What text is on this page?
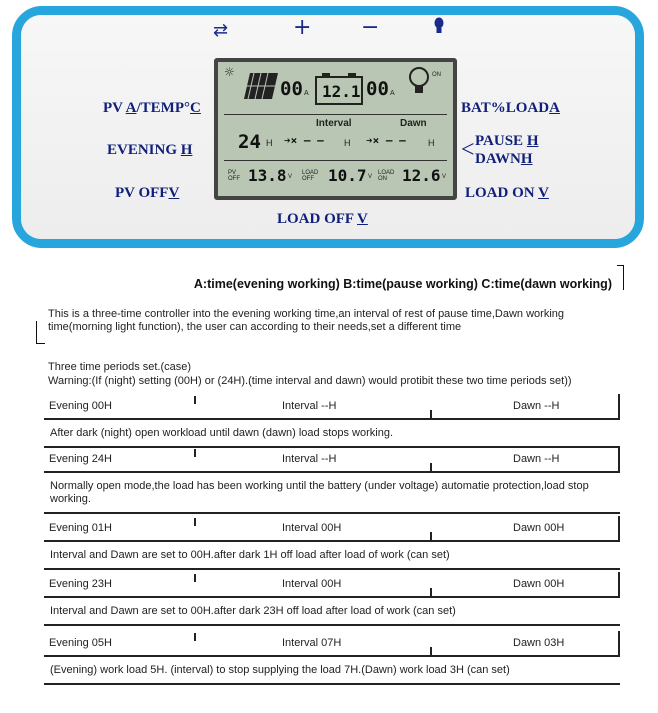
⇄	+ −
PV A/TEMP°C
EVENING H
PV OFFV
BAT%LOADA
< PAUSE H
DAWNH
LOAD ON V
LOAD OFF V
☼
00 A 12.1 00 A
ON
Interval	Dawn
24 H ➔× – – H ➔× – – H
PV OFF 13.8 V
LOAD OFF 10.7 V
LOAD ON 12.6 V
A:time(evening working) B:time(pause working) C:time(dawn working)
This is a three-time controller into the evening working time,an interval of rest of pause time,Dawn working time(morning light function), the user can according to their needs,set a different time
Three time periods set.(case)
Warning:(If (night) setting (00H) or (24H).(time interval and dawn) would protibit these two time periods set))
Evening 00H	Interval --H	Dawn --H
After dark (night) open workload until dawn (dawn) load stops working.
Evening 24H	Interval --H	Dawn --H
Normally open mode,the load has been working until the battery (under voltage) automatie protection,load stop working.
Evening 01H	Interval 00H	Dawn 00H
Interval and Dawn are set to 00H.after dark 1H off load after load of work (can set)
Evening 23H	Interval 00H	Dawn 00H
Interval and Dawn are set to 00H.after dark 23H off load after load of work (can set)
Evening 05H	Interval 07H	Dawn 03H
(Evening) work load 5H. (interval) to stop supplying the load 7H.(Dawn) work load 3H (can set)
